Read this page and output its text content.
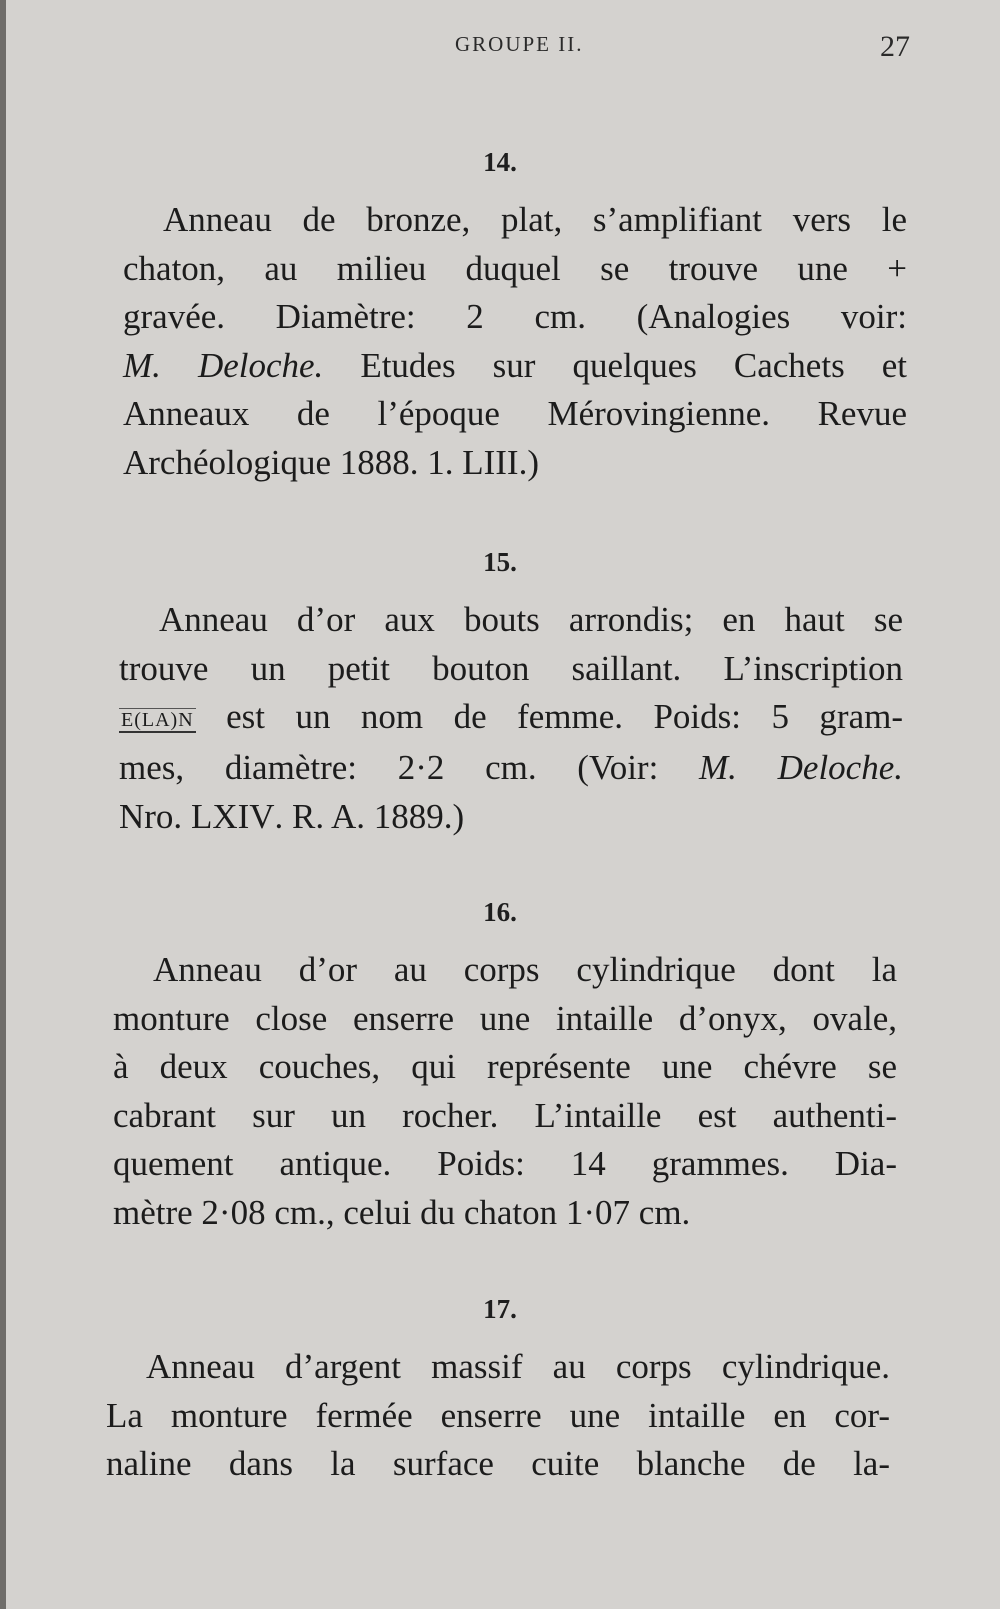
GROUPE II.	27
14.
Anneau de bronze, plat, s’amplifiant vers le
chaton, au milieu duquel se trouve une +
gravée. Diamètre: 2 cm. (Analogies voir:
M. Deloche. Etudes sur quelques Cachets et
Anneaux de l’époque Mérovingienne. Revue
Archéologique 1888. 1. LIII.)
15.
Anneau d’or aux bouts arrondis; en haut se
trouve un petit bouton saillant. L’inscription
E(LA)N est un nom de femme. Poids: 5 gram-
mes, diamètre: 2·2 cm. (Voir: M. Deloche.
Nro. LXIV. R. A. 1889.)
16.
Anneau d’or au corps cylindrique dont la
monture close enserre une intaille d’onyx, ovale,
à deux couches, qui représente une chévre se
cabrant sur un rocher. L’intaille est authenti-
quement antique. Poids: 14 grammes. Dia-
mètre 2·08 cm., celui du chaton 1·07 cm.
17.
Anneau d’argent massif au corps cylindrique.
La monture fermée enserre une intaille en cor-
naline dans la surface cuite blanche de la-
